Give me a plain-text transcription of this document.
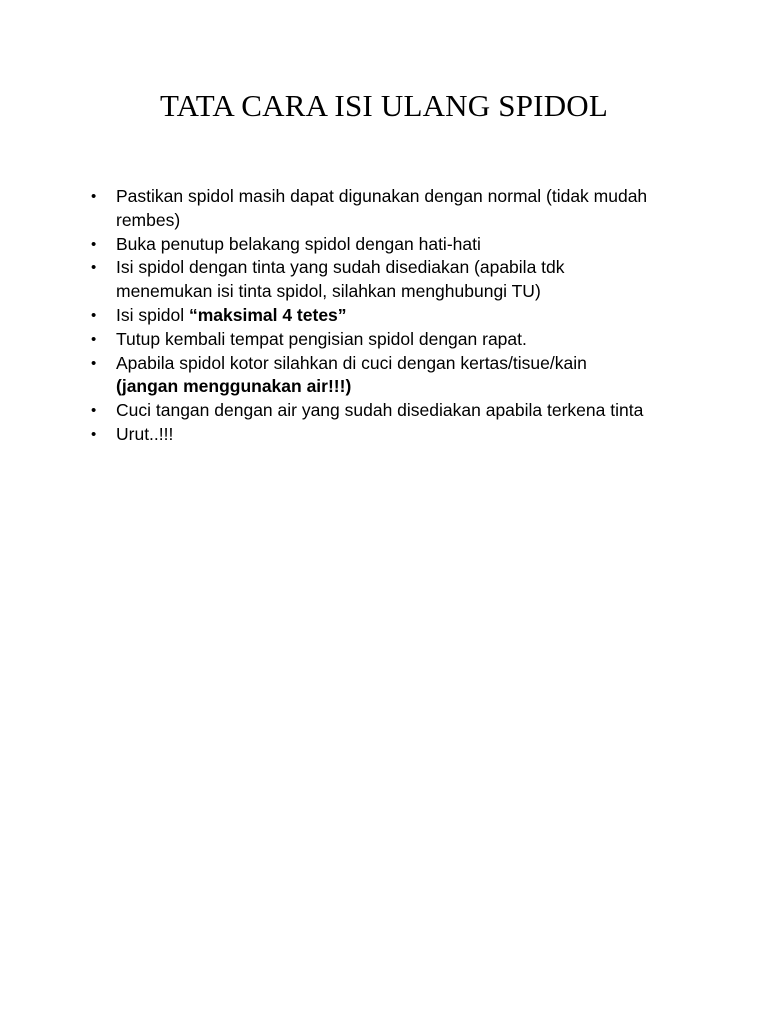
TATA CARA ISI ULANG SPIDOL
• Pastikan spidol masih dapat digunakan dengan normal (tidak mudah rembes)
• Buka penutup belakang spidol dengan hati-hati
• Isi spidol dengan tinta yang sudah disediakan (apabila tdk menemukan isi tinta spidol, silahkan menghubungi TU)
• Isi spidol “maksimal 4 tetes”
• Tutup kembali tempat pengisian spidol dengan rapat.
• Apabila spidol kotor silahkan di cuci dengan kertas/tisue/kain (jangan menggunakan air!!!)
• Cuci tangan dengan air yang sudah disediakan apabila terkena tinta
• Urut..!!!
